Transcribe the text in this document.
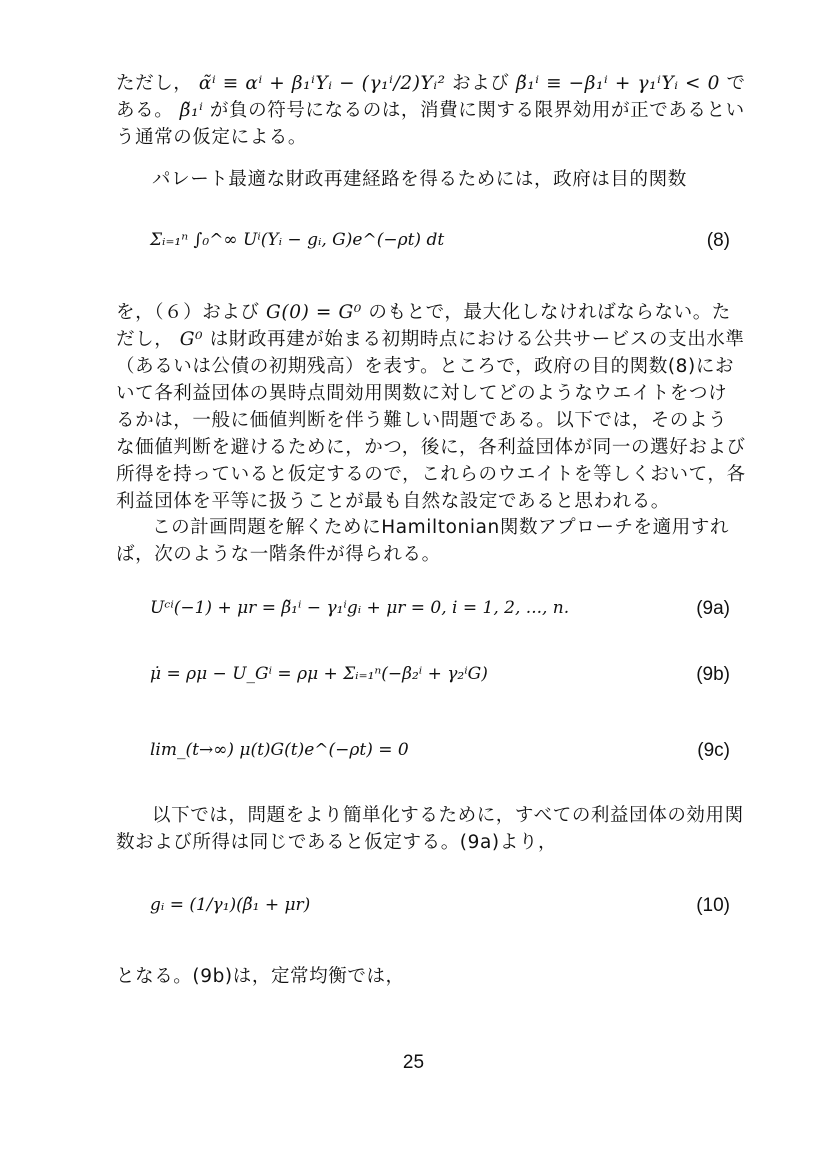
ただし， α̃ⁱ ≡ αⁱ + β₁ⁱYᵢ − (γ₁ⁱ/2)Yᵢ² および β̃₁ⁱ ≡ −β₁ⁱ + γ₁ⁱYᵢ < 0 である。 β̃₁ⁱ が負の符号になるのは，消費に関する限界効用が正であるという通常の仮定による。

パレート最適な財政再建経路を得るためには，政府は目的関数

Σᵢ₌₁ⁿ ∫₀^∞ Uⁱ(Yᵢ − gᵢ, G)e^(−ρt) dt	(8)

を，（６）および G(0) = G⁰ のもとで，最大化しなければならない。ただし， G⁰ は財政再建が始まる初期時点における公共サービスの支出水準（あるいは公債の初期残高）を表す。ところで，政府の目的関数(8)において各利益団体の異時点間効用関数に対してどのようなウエイトをつけるかは，一般に価値判断を伴う難しい問題である。以下では，そのような価値判断を避けるために，かつ，後に，各利益団体が同一の選好および所得を持っていると仮定するので，これらのウエイトを等しくおいて，各利益団体を平等に扱うことが最も自然な設定であると思われる。

この計画問題を解くためにHamiltonian関数アプローチを適用すれば，次のような一階条件が得られる。

Uᶜⁱ(−1) + μr = β̃₁ⁱ − γ₁ⁱgᵢ + μr = 0, i = 1, 2, ..., n.	(9a)
μ̇ = ρμ − U_Gⁱ = ρμ + Σᵢ₌₁ⁿ(−β₂ⁱ + γ₂ⁱG)	(9b)
lim_(t→∞) μ(t)G(t)e^(−ρt) = 0	(9c)

以下では，問題をより簡単化するために，すべての利益団体の効用関数および所得は同じであると仮定する。(9a)より，

gᵢ = (1/γ₁)(β̃₁ + μr)	(10)

となる。(9b)は，定常均衡では，

25
